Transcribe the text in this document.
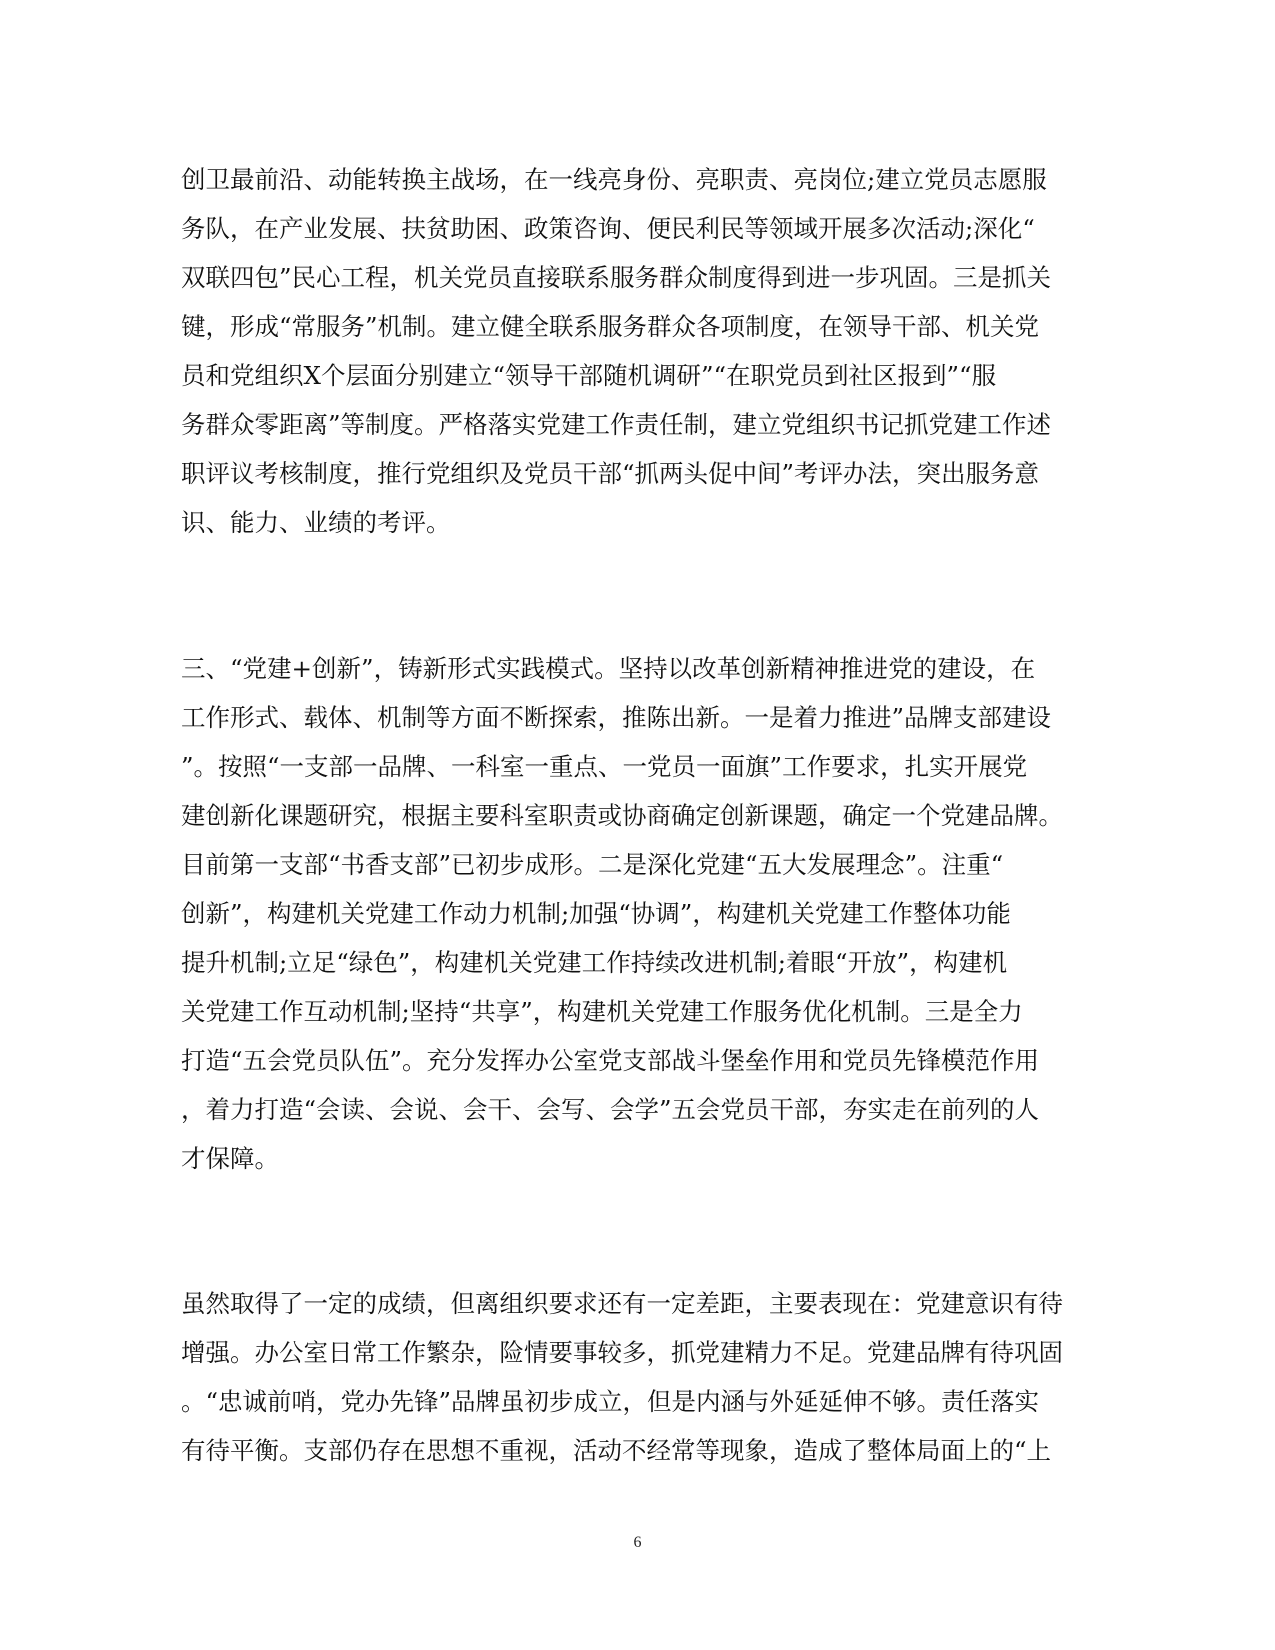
创卫最前沿、动能转换主战场，在一线亮身份、亮职责、亮岗位;建立党员志愿服
务队，在产业发展、扶贫助困、政策咨询、便民利民等领域开展多次活动;深化“
双联四包”民心工程，机关党员直接联系服务群众制度得到进一步巩固。三是抓关
键，形成“常服务”机制。建立健全联系服务群众各项制度，在领导干部、机关党
员和党组织X个层面分别建立“领导干部随机调研”“在职党员到社区报到”“服
务群众零距离”等制度。严格落实党建工作责任制，建立党组织书记抓党建工作述
职评议考核制度，推行党组织及党员干部“抓两头促中间”考评办法，突出服务意
识、能力、业绩的考评。
三、“党建+创新”，铸新形式实践模式。坚持以改革创新精神推进党的建设，在
工作形式、载体、机制等方面不断探索，推陈出新。一是着力推进”品牌支部建设
”。按照“一支部一品牌、一科室一重点、一党员一面旗”工作要求，扎实开展党
建创新化课题研究，根据主要科室职责或协商确定创新课题，确定一个党建品牌。
目前第一支部“书香支部”已初步成形。二是深化党建“五大发展理念”。注重“
创新”，构建机关党建工作动力机制;加强“协调”，构建机关党建工作整体功能
提升机制;立足“绿色”，构建机关党建工作持续改进机制;着眼“开放”，构建机
关党建工作互动机制;坚持“共享”，构建机关党建工作服务优化机制。三是全力
打造“五会党员队伍”。充分发挥办公室党支部战斗堡垒作用和党员先锋模范作用
，着力打造“会读、会说、会干、会写、会学”五会党员干部，夯实走在前列的人
才保障。
虽然取得了一定的成绩，但离组织要求还有一定差距，主要表现在：党建意识有待
增强。办公室日常工作繁杂，险情要事较多，抓党建精力不足。党建品牌有待巩固
。“忠诚前哨，党办先锋”品牌虽初步成立，但是内涵与外延延伸不够。责任落实
有待平衡。支部仍存在思想不重视，活动不经常等现象，造成了整体局面上的“上
6
